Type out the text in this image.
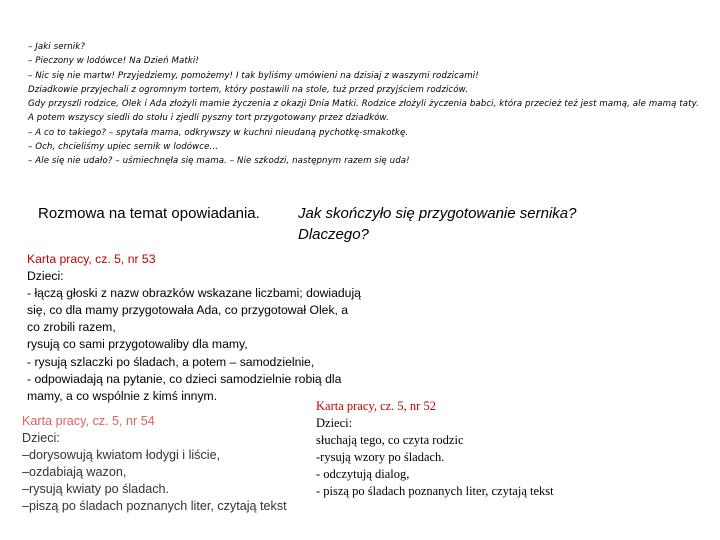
– Jaki sernik?
– Pieczony w lodówce! Na Dzień Matki!
– Nic się nie martw! Przyjedziemy, pomożemy! I tak byliśmy umówieni na dzisiaj z waszymi rodzicami!
Dziadkowie przyjechali z ogromnym tortem, który postawili na stole, tuż przed przyjściem rodziców.
Gdy przyszli rodzice, Olek i Ada złożyli mamie życzenia z okazji Dnia Matki. Rodzice złożyli życzenia babci, która przecież też jest mamą, ale mamą taty.
A potem wszyscy siedli do stołu i zjedli pyszny tort przygotowany przez dziadków.
– A co to takiego? – spytała mama, odkrywszy w kuchni nieudaną pychotkę-smakotkę.
– Och, chcieliśmy upiec sernik w lodówce…
– Ale się nie udało? – uśmiechnęła się mama. – Nie szkodzi, następnym razem się uda!
Rozmowa na temat opowiadania.	Jak skończyło się przygotowanie sernika?
Dlaczego?
Karta pracy, cz. 5, nr 53
Dzieci:
- łączą głoski z nazw obrazków wskazane liczbami; dowiadują
się, co dla mamy przygotowała Ada, co przygotował Olek, a
co zrobili razem,
rysują co sami przygotowaliby dla mamy,
- rysują szlaczki po śladach, a potem – samodzielnie,
- odpowiadają na pytanie, co dzieci samodzielnie robią dla
mamy, a co wspólnie z kimś innym.
Karta pracy, cz. 5, nr 52
Dzieci:
słuchają tego, co czyta rodzic
-rysują wzory po śladach.
- odczytują dialog,
- piszą po śladach poznanych liter, czytają tekst
Karta pracy, cz. 5, nr 54
Dzieci:
–dorysowują kwiatom łodygi i liście,
–ozdabiają wazon,
–rysują kwiaty po śladach.
–piszą po śladach poznanych liter, czytają tekst
